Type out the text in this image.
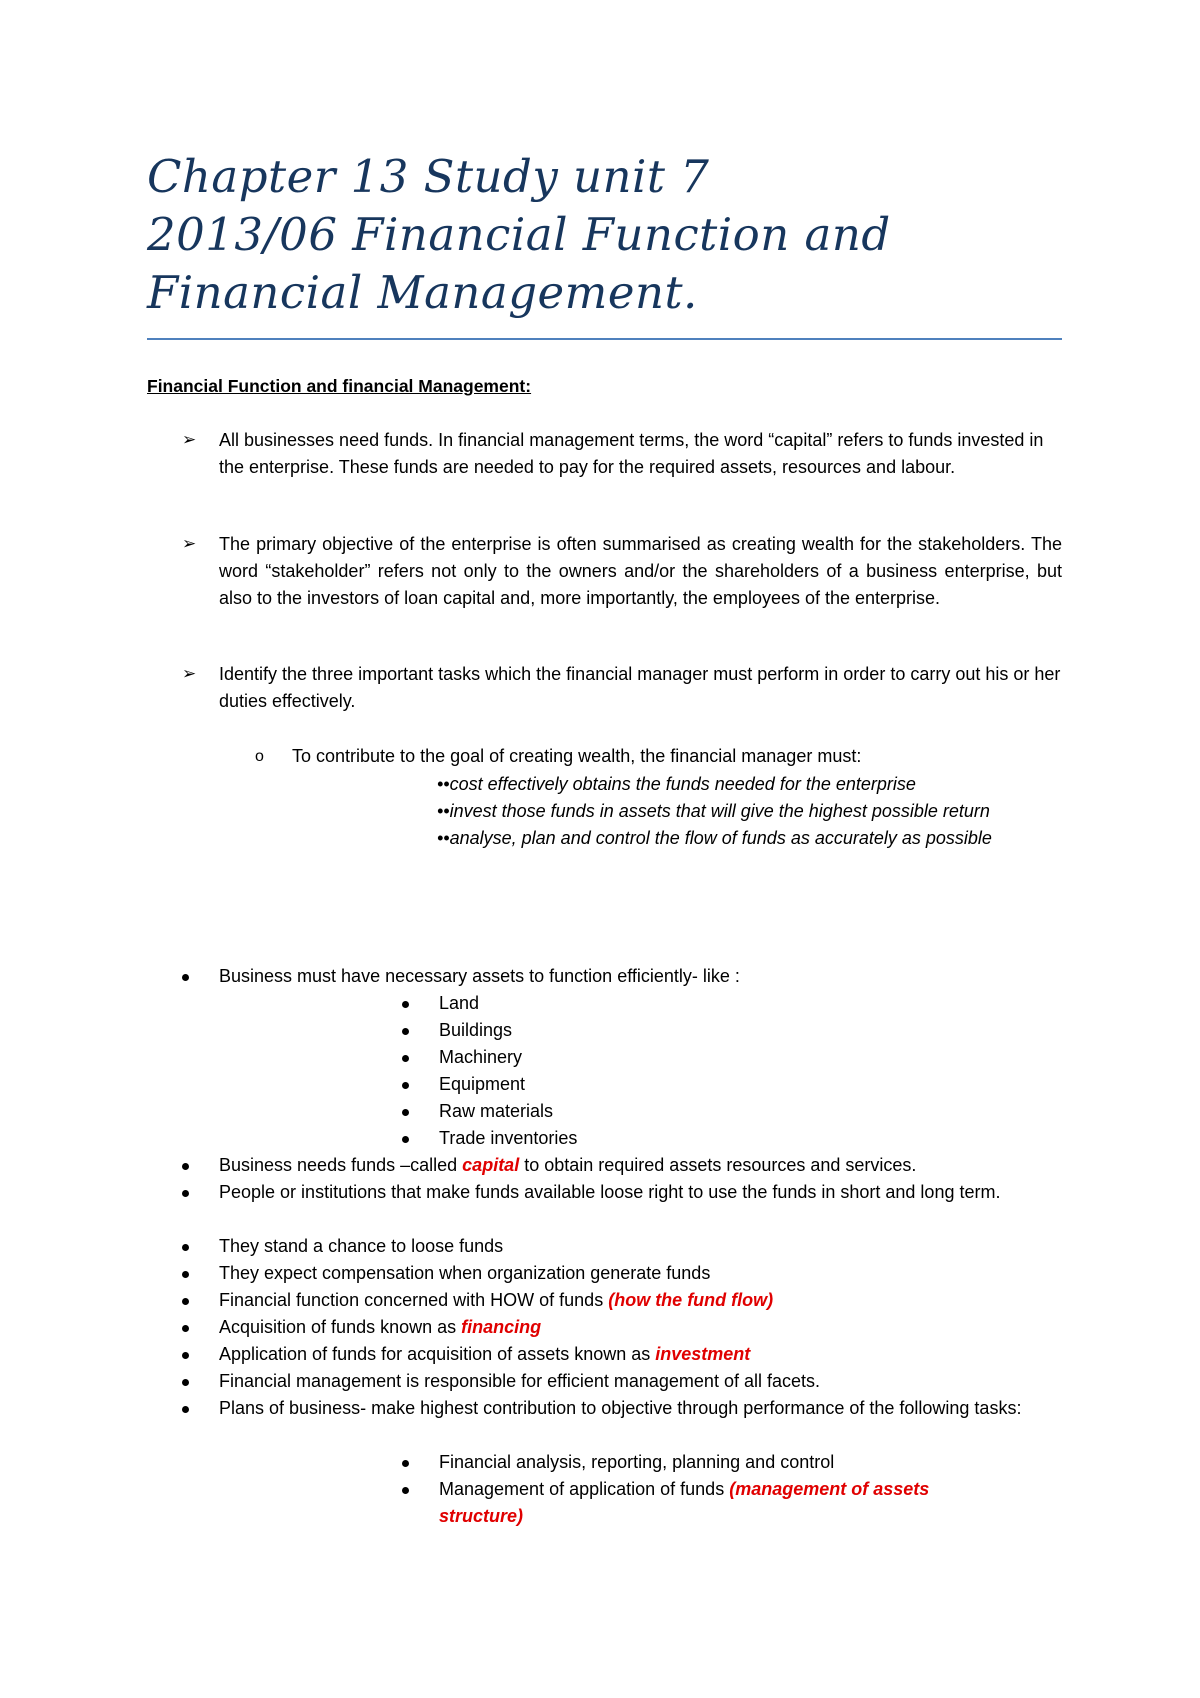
Chapter 13 Study unit 7
2013/06 Financial Function and
Financial Management.
Financial Function and financial Management:
➢ All businesses need funds. In financial management terms, the word “capital” refers to funds invested in the enterprise. These funds are needed to pay for the required assets, resources and labour.
➢ The primary objective of the enterprise is often summarised as creating wealth for the stakeholders. The word “stakeholder” refers not only to the owners and/or the shareholders of a business enterprise, but also to the investors of loan capital and, more importantly, the employees of the enterprise.
➢ Identify the three important tasks which the financial manager must perform in order to carry out his or her duties effectively.
o To contribute to the goal of creating wealth, the financial manager must:
••cost effectively obtains the funds needed for the enterprise
••invest those funds in assets that will give the highest possible return
••analyse, plan and control the flow of funds as accurately as possible
Business must have necessary assets to function efficiently- like :
Land
Buildings
Machinery
Equipment
Raw materials
Trade inventories
Business needs funds –called capital to obtain required assets resources and services.
People or institutions that make funds available loose right to use the funds in short and long term.
They stand a chance to loose funds
They expect compensation when organization generate funds
Financial function concerned with HOW of funds (how the fund flow)
Acquisition of funds known as financing
Application of funds for acquisition of assets known as investment
Financial management is responsible for efficient management of all facets.
Plans of business- make highest contribution to objective through performance of the following tasks:
Financial analysis, reporting, planning and control
Management of application of funds (management of assets structure)
